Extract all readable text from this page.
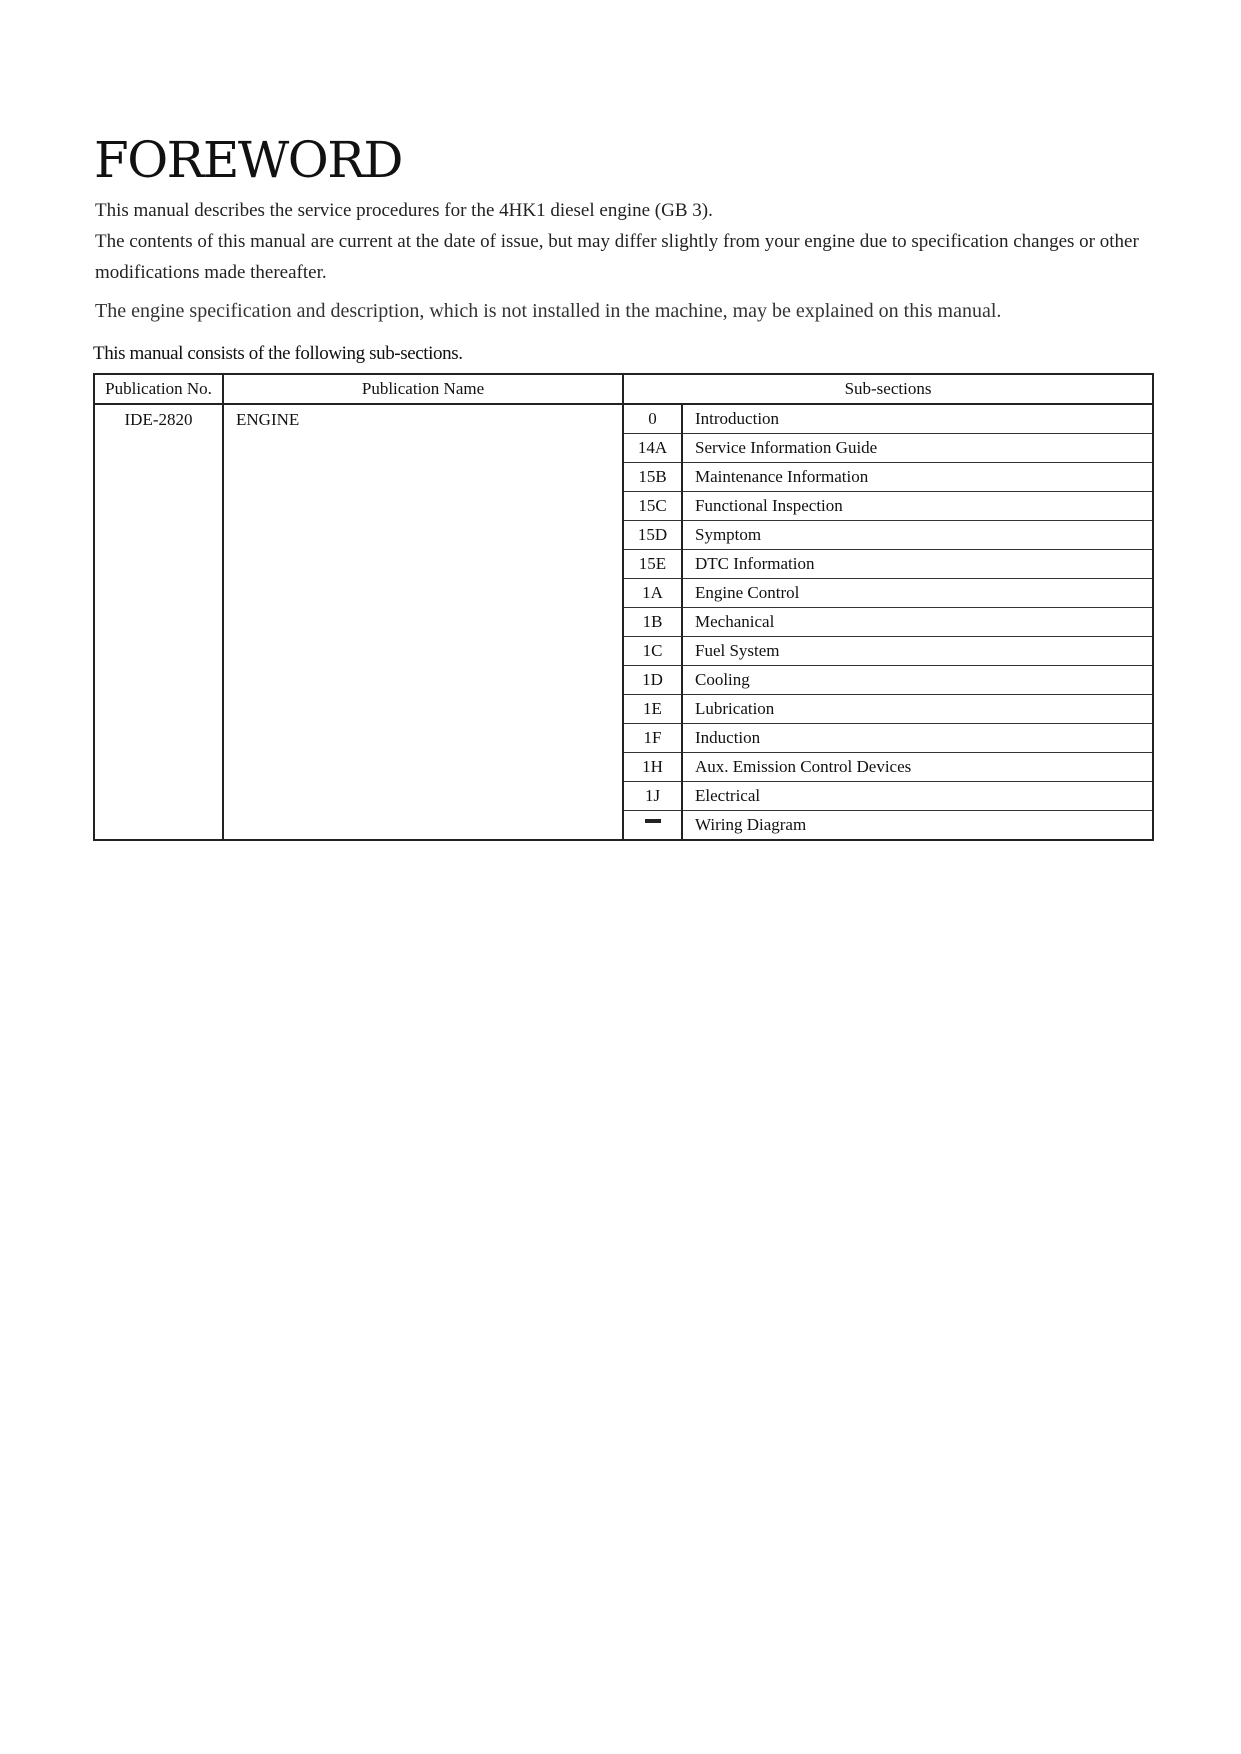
FOREWORD

This manual describes the service procedures for the 4HK1 diesel engine (GB 3).

The contents of this manual are current at the date of issue, but may differ slightly from your engine due to specification changes or other modifications made thereafter.

The engine specification and description, which is not installed in the machine, may be explained on this manual.

This manual consists of the following sub-sections.

Publication No.	Publication Name	Sub-sections	
IDE-2820	ENGINE	0	Introduction
		14A	Service Information Guide
		15B	Maintenance Information
		15C	Functional Inspection
		15D	Symptom
		15E	DTC Information
		1A	Engine Control
		1B	Mechanical
		1C	Fuel System
		1D	Cooling
		1E	Lubrication
		1F	Induction
		1H	Aux. Emission Control Devices
		1J	Electrical
			Wiring Diagram
